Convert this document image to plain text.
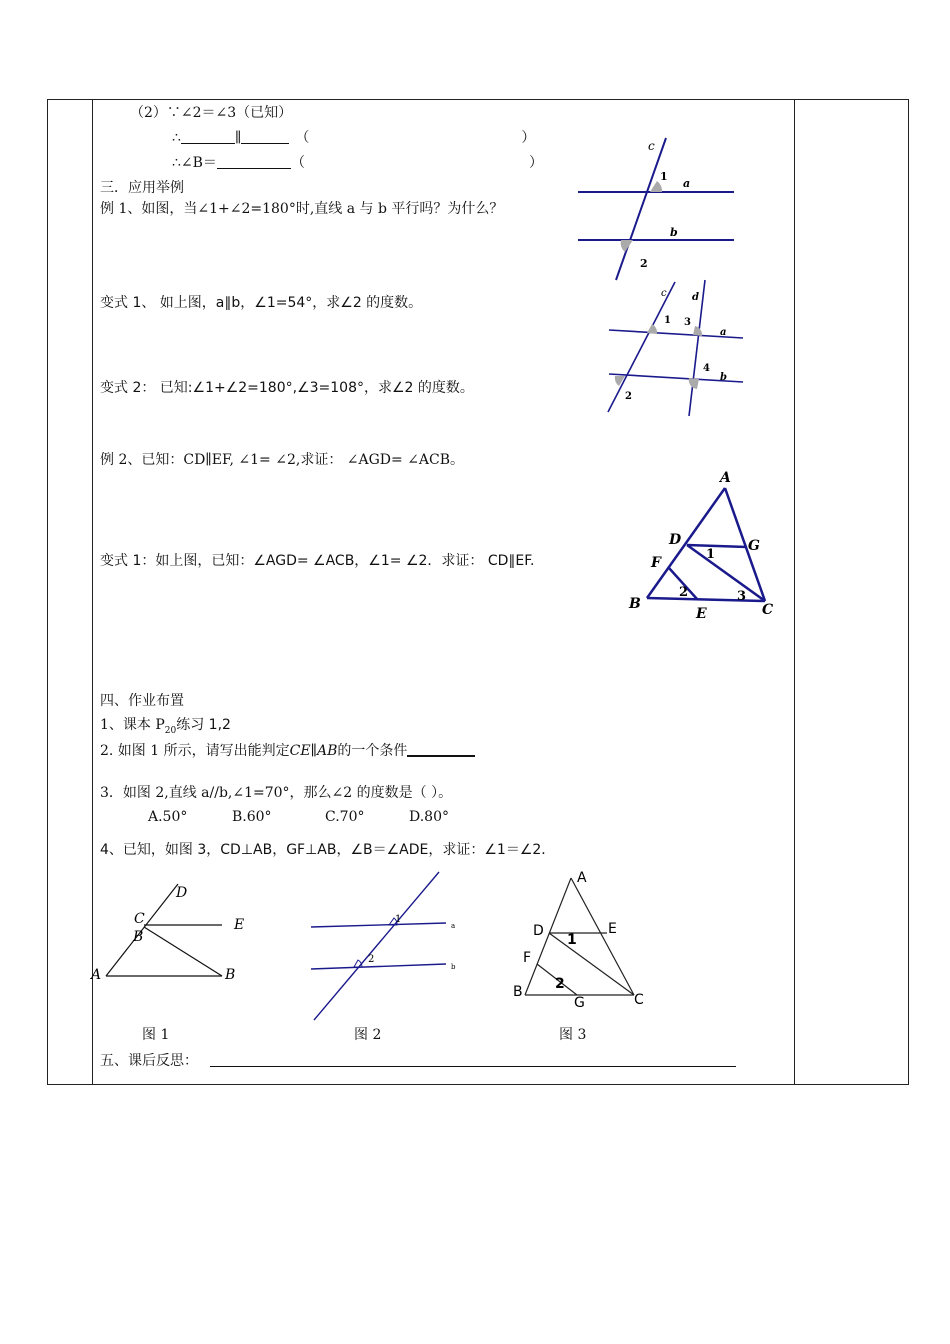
（2）∵∠2＝∠3（已知）
∴	∥	（	）
∴∠B＝	（	）
三．应用举例
例 1、如图，当∠1+∠2=180°时,直线 a 与 b 平行吗？为什么？
变式 1、 如上图，a∥b，∠1=54°，求∠2 的度数。
变式 2： 已知:∠1+∠2=180°,∠3=108°，求∠2 的度数。
例 2、已知：CD∥EF, ∠1= ∠2,求证： ∠AGD= ∠ACB。
变式 1：如上图，已知：∠AGD= ∠ACB，∠1= ∠2．求证： CD∥EF.
c
1
a
b
2
c	d
1 3
a
4
b
2
A
D	G
1
F
2	3
B
E	C
四、作业布置
1、课本 $P_{20}$练习 1,2
2. 如图 1 所示，请写出能判定CE∥AB的一个条件
3．如图 2,直线 a//b,∠1=70°，那么∠2 的度数是（ ）。
A.50°	B.60°	C.70°	D.80°
4、已知，如图 3，CD⊥AB，GF⊥AB，∠B＝∠ADE，求证：∠1＝∠2．
D
C	E
B
A	B
1
2
a
b
A
D	E
1
F
2
B
G	C
图 1	图 2	图 3
五、课后反思：
